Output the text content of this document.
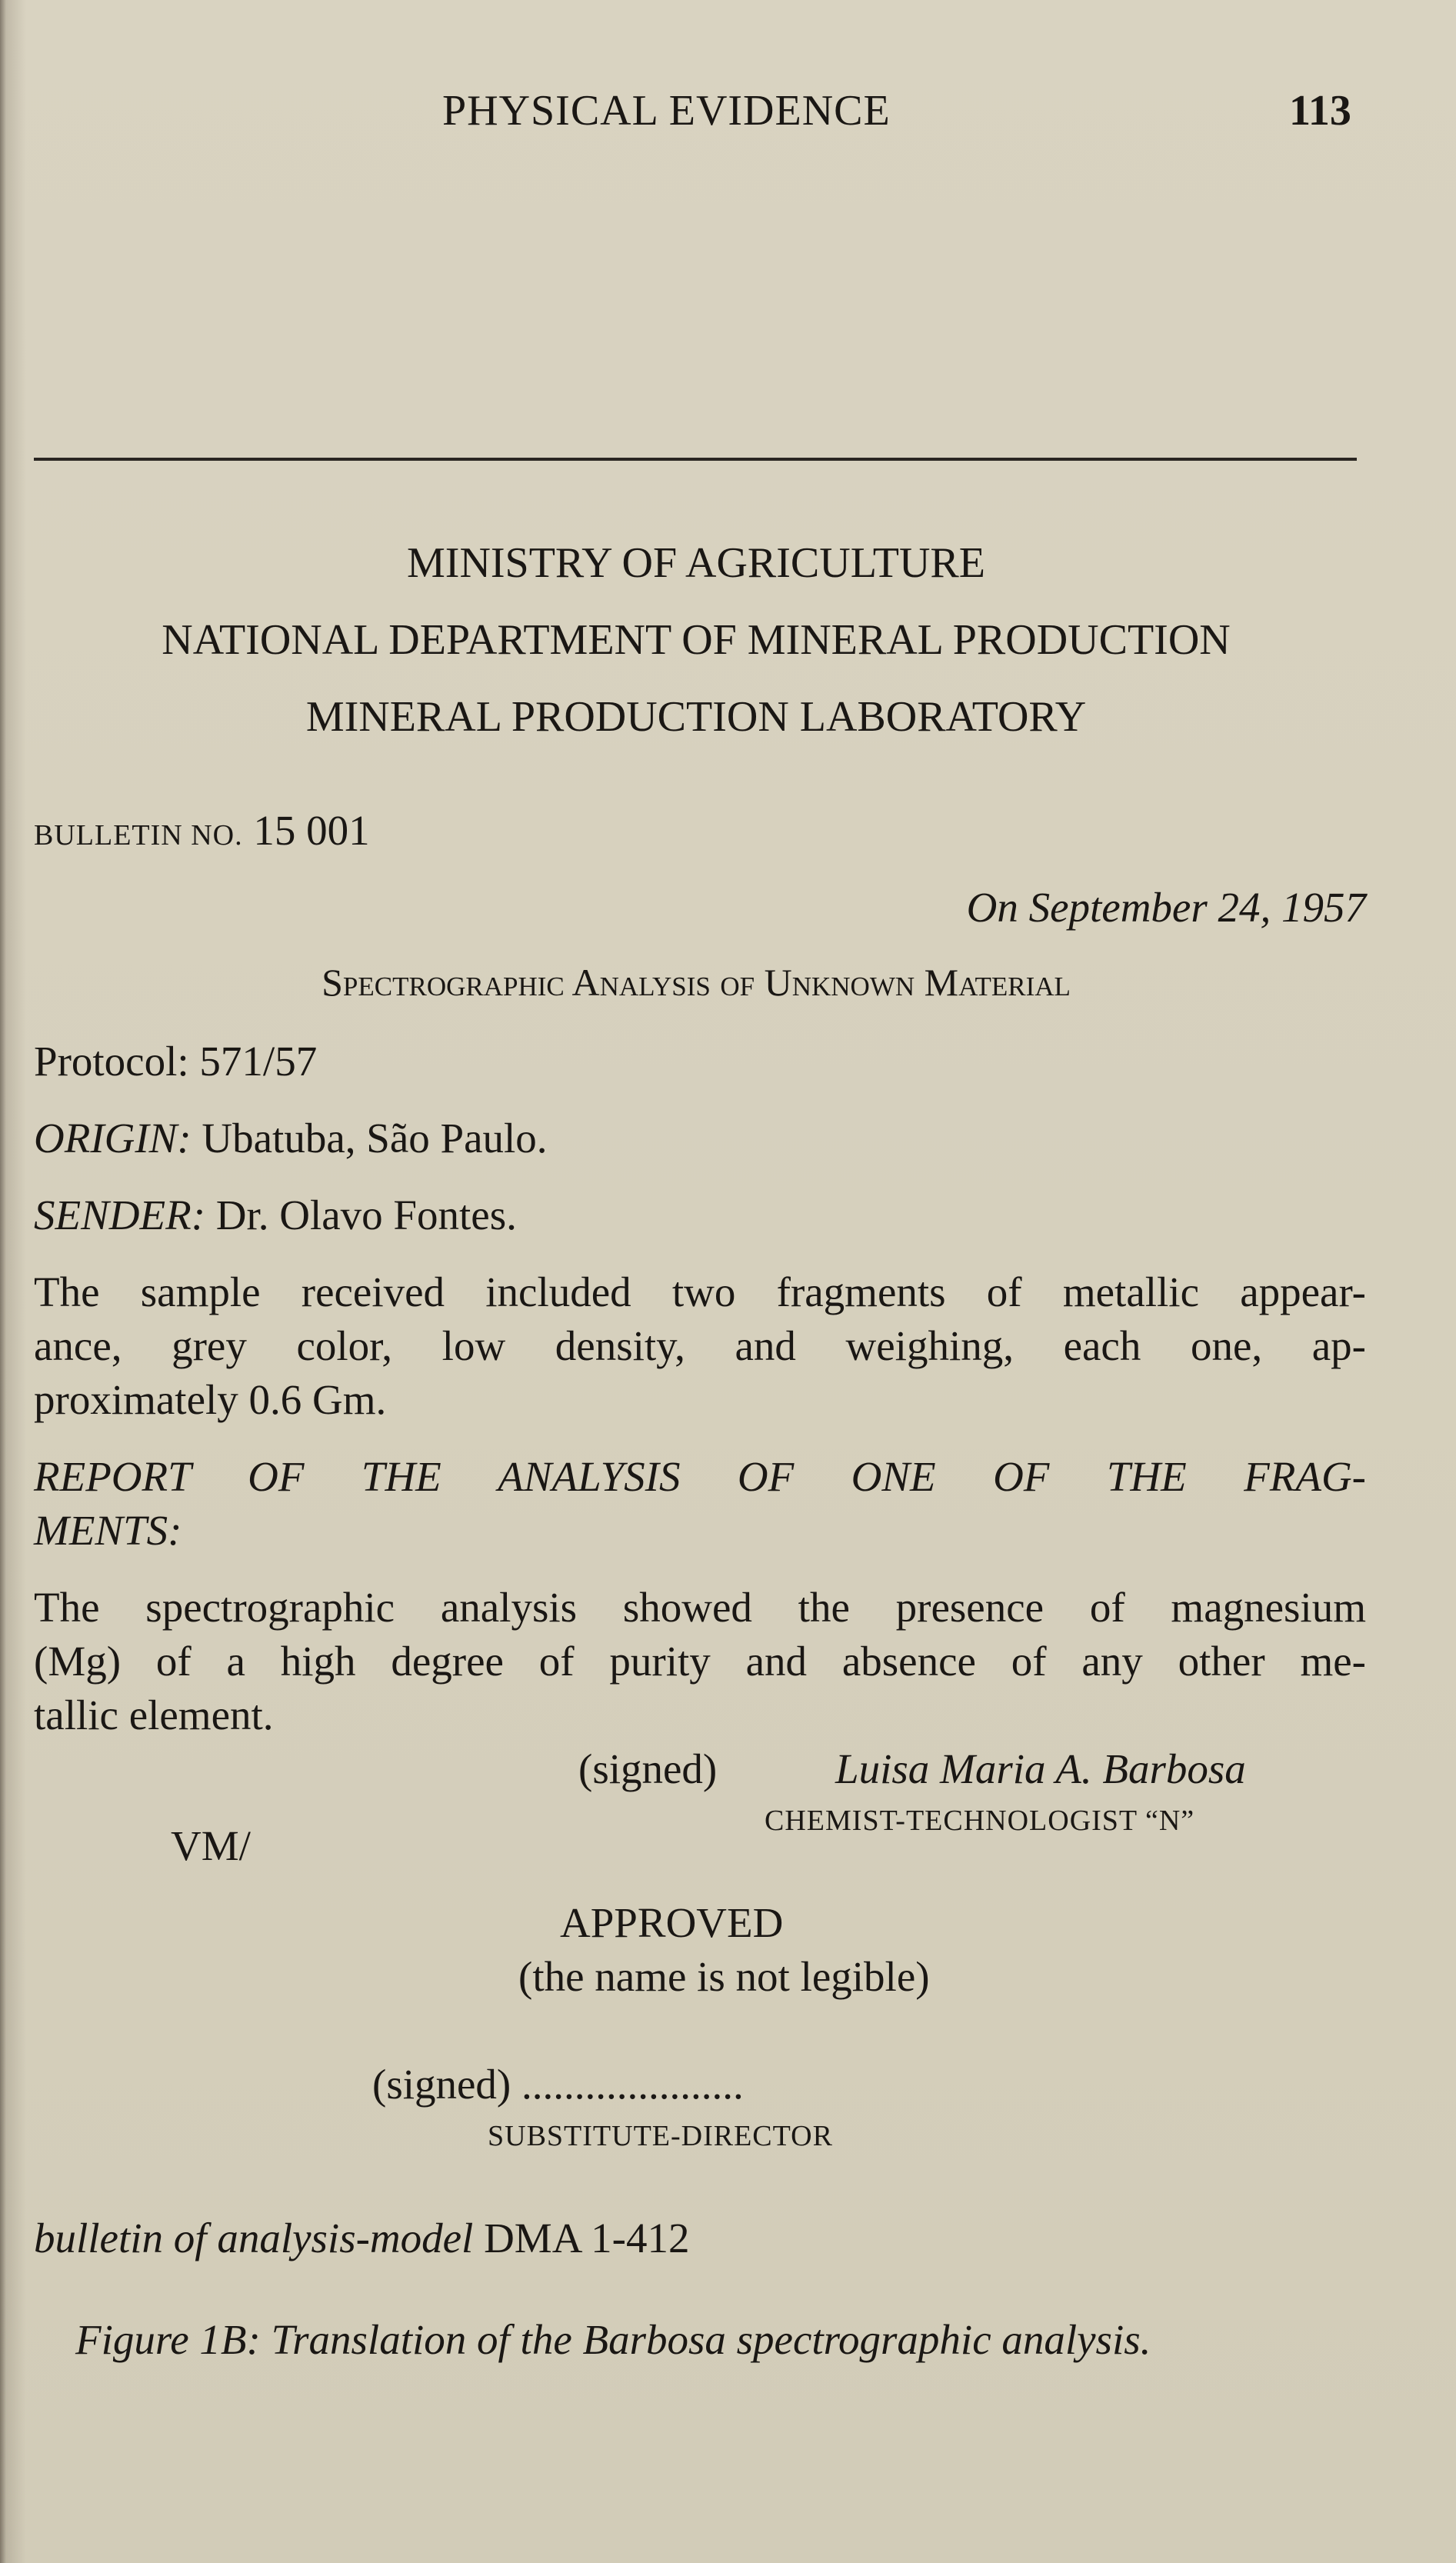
PHYSICAL EVIDENCE	113
MINISTRY OF AGRICULTURE
NATIONAL DEPARTMENT OF MINERAL PRODUCTION
MINERAL PRODUCTION LABORATORY
BULLETIN NO. 15 001
On September 24, 1957
Spectrographic Analysis of Unknown Material
Protocol: 571/57
ORIGIN: Ubatuba, São Paulo.
SENDER: Dr. Olavo Fontes.
The sample received included two fragments of metallic appear-
ance, grey color, low density, and weighing, each one, ap-
proximately 0.6 Gm.
REPORT OF THE ANALYSIS OF ONE OF THE FRAG-
MENTS:
The spectrographic analysis showed the presence of magnesium
(Mg) of a high degree of purity and absence of any other me-
tallic element.
(signed)	Luisa Maria A. Barbosa
CHEMIST-TECHNOLOGIST “N”
VM/
APPROVED
(the name is not legible)
(signed) .....................
SUBSTITUTE-DIRECTOR
bulletin of analysis-model DMA 1-412
Figure 1B: Translation of the Barbosa spectrographic analysis.
